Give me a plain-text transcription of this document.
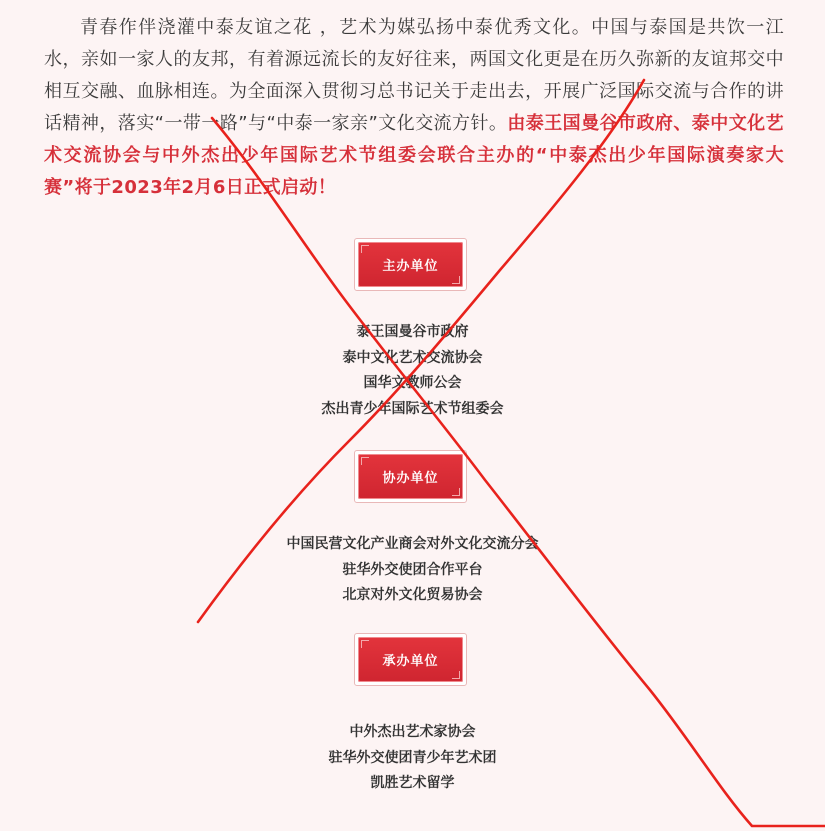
青春作伴浇灌中泰友谊之花 ，艺术为媒弘扬中泰优秀文化。中国与泰国是共饮一江水，亲如一家人的友邦，有着源远流长的友好往来，两国文化更是在历久弥新的友谊邦交中相互交融、血脉相连。为全面深入贯彻习总书记关于走出去，开展广泛国际交流与合作的讲话精神，落实“一带一路”与“中泰一家亲”文化交流方针。由泰王国曼谷市政府、泰中文化艺术交流协会与中外杰出少年国际艺术节组委会联合主办的“中泰杰出少年国际演奏家大赛”将于2023年2月6日正式启动！
主办单位
泰王国曼谷市政府
泰中文化艺术交流协会
国华文教师公会
杰出青少年国际艺术节组委会
协办单位
中国民营文化产业商会对外文化交流分会
驻华外交使团合作平台
北京对外文化贸易协会
承办单位
中外杰出艺术家协会
驻华外交使团青少年艺术团
凯胜艺术留学
